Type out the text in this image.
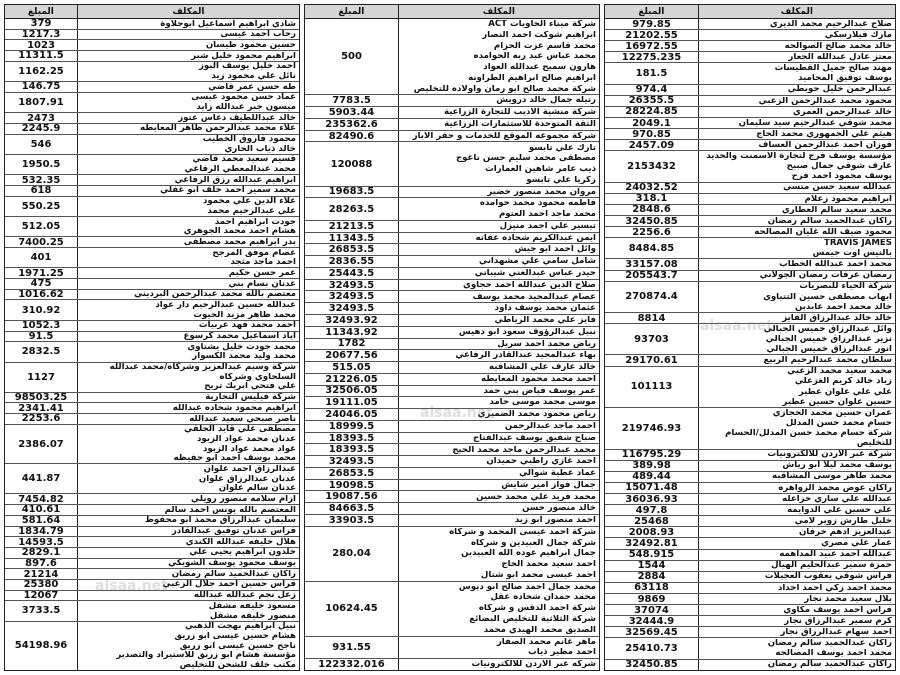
المكلف
المبلغ
صلاح عبدالرحيم محمد الديري
979.85
مارك فيلارسكي
21202.55
خالد محمد صالح الصوالحه
16972.55
معتز عادل عبدالله الجعار
12275.235
مهند صالح جميل القطيسات
يوسف توفيق المحاميد
181.5
عبدالرحمن خليل حويطي
974.4
محمود محمد عبدالرحمن الزعبي
26355.5
خالد عبدالرحمن العمري
28224.85
محمد شوقي عبدالرحيم سيد سليمان
2049.1
هيثم علي الجمهوري محمد الحاج
970.85
فوزان احمد عبدالرحمن العساف
2457.09
مؤسسة يوسف فرج لتجارة الاسمنت والحديد
عارف شوقي جمال صبيح
يوسف محمود احمد فرح
2153432
عبدالله سعيد حسن متسي
24032.52
ابراهيم محمود زعلام
318.1
محمد سعيد سالم العطاري
2848.6
راكان عبدالحميد سالم رمضان
32450.85
محمود ضيف الله غليان المصالحه
2256.6
TRAVIS JAMES
بالنيس اوت جيمس
8484.85
محمد احمد عبدالله الخطاب
33157.08
رمضان عرفات رمضان الجولاني
205543.7
شركة الحياء للبصريات
ايهاب مصطفى حسين التتباوي
خالد محمد احمد عابدين
270874.4
خالد خالد عبدالرزاق الفايز
8814
وائل عبدالرزاق خميس الجبالي
نزير عبدالرزاق خميس الجبالي
انور عبدالرزاق خميس الجبالي
93703
سلطان محمد عبدالرحيم الربيع
29170.61
محمد سعيد محمد الزعبي
زياد خالد كريم الغزعلي
علي علي علوان عطير
حسين علوان حسين عطير
101113
عمران حسين محمد الحجازي
حسام محمد حسن المدلل
شركة حسام محمد حسن المدلل/الحسام
للتخليص
219746.93
شركة عبر الاردن للالكترونيات
116795.29
يوسف محمد ليلا ابو رياش
389.98
محمد طاهر موسى المشاقبه
489.44
راكان عوض محمد الزواهره
15071.48
عبدالله علي ساري خزاعله
36036.93
علي حسين علي الدوايمه
497.8
خليل طارش زوير لامي
25468
عبدالعزيز ادهم خرفان
2008.93
عمار علي مصري
32492.81
عبدالله احمد عبيد المداهمه
548.915
حمزة سمير عبدالحليم الهيال
1544
فراس شوقي يعقوب العجيلات
2884
محمد احمد زكي احمد اخداد
63118
بلال سعيد محمد نجار
9869
فراس احمد يوسف مكاوي
37074
كرم سمير عبدالرزاق نجار
32444.9
احمد سهام عبدالرزاق نجار
32569.45
راكان عبدالحميد سالم رمضان
محمد احمد يوسف المصالحه
25410.73
راكان عبدالحميد سالم رمضان
32450.85
المكلف
المبلغ
شركة ميناء الحاويات ACT
ابراهيم شوكت احمد النصار
محمد قاسم عزت الحزام
محمد عباس عبد ربه الحوامده
هارون سميح عبدالله العواد
ابراهيم صالح ابراهيم الطراونه
شركة محمد صالح ابو رمان واولاده للتخليص
500
رتيله جمال خالد درويش
7783.5
شركة منشية الاديب للتجارة الزراعية
5903.44
الثقة المتوحدة للاستثمارات الزراعية
235362.6
شركة مجموعه الموقع للخدمات و حفر الابار
82490.6
تارك علي تابسو
مصطفى محمد سليم حسن ناغوج
ذيب عامر شاهين العمارات
زكريا علي تابسو
120088
مروان محمد منصور خضير
19683.5
فاطمه محمود محمد حوامده
محمد ماجد احمد العتوم
28263.5
تيسير علي احمد منيزل
21213.5
ايمن عبدالكريم شحاده عفانه
11343.5
وائل احمد ابو جيش
26853.5
شامل سامي علي مشهداني
2836.55
حيدر عباس عبدالغني شيباني
25443.5
صلاح الدين عبدالله احمد حجاوي
32493.5
عصام عبدالمجيد محمد يوسف
32493.5
عثمان محمد يوسف داود
32493.5
فايز علي محمد الرياطي
32493.92
نبيل عبدالرؤوف سعود ابو دهيس
11343.92
رياض محمد احمد سربل
1782
بهاء عبدالمجيد عبدالقادر الرفاعي
20677.56
خالد عارف علي المشاقبه
515.05
احمد محمد محمود المعايطه
21226.05
عمر يوسف فياض بني حمد
32506.05
موسى محمد موسى حامد
19111.05
رياض محمود محمد الضميري
24046.05
احمد ماجد عبدالرحمن
18999.5
صباح شفيق يوسف عبدالفتاح
18393.5
محمد عبدالرحمن ماجد محمد الحيج
18393.5
احمد غازي راطبي حميدان
32493.5
عماد عطية شوالي
26853.5
جمال فواز امير شايش
19098.5
محمد فريد علي محمد حسين
19087.56
خالد منصور حسن
84663.5
احمد منصور ابو زيد
33903.5
شركة احمد عيسى المحمد و شركاه
شركة جمال العبيدين و شركاه
جمال ابراهيم عوده الله العبيدين
احمد سعيد محمد الحاج
احمد عيسى محمد ابو شتال
280.04
محمد جمال احمد صالح ابو ديوس
محمد حمدان شحاده عقل
شركة احمد الدقس و شركاه
شركة الثلاثية للتخليص البضائع
الصديق محمد الهيدي محمد
10624.45
ماهر غانم محمد الصفار
احمد مطير ذياب
931.55
شركه عبر الاردن للالكترونيات
122332.016
المكلف
المبلغ
شادي ابراهيم اسماعيل ابوحلاوة
379
رحاب احمد عيسى
1217.3
حسين محمود طيسان
1023
ابراهيم محمود خليل شبر
11311.5
احمد خليل يوسف البوز
نائل علي محمود زيد
1162.25
طه حسن عمر قاضي
146.75
عماد حسن محمود عيسى
ميسون جبر عبدالله زايد
1807.91
خالد عبداللطيف دعاس عتوز
2473
علاء محمد عبدالرحمن ظاهر المعايطه
2245.9
محمود فاروق الخطيب
خالد ذياب الحاري
546
قسيم سعيد محمد قاضي
محمد عبدالمعطي الرفاعي
1950.5
ابراهيم عبدالله رزق الرفاعي
532.35
محمد سمير احمد خلف ابو غفلي
618
علاء الدين علي محمود
علي عبدالرحيم محمد
550.25
جودت ابراهيم احمد
هشام احمد محمد الجوهري
512.05
بدر ابراهيم محمد مصطفى
7400.25
عصام موفق المرجح
احمد ماجد مثجد
401
عمر حسن حكيم
1971.25
عدنان بسام بني
475
معتصم بالله محمد عبدالرحمن البرديني
1016.62
عبدالله حسين عبدالرحيم دار عواد
محمد ظاهر مزيد الحيوت
310.92
احمد محمد فهد عربيات
1052.3
اياد اسماعيل محمد كرسوع
91.5
محمد جودت خليل يشتاوي
محمد وليد محمد الكسوار
2832.5
شركة وسيم عبدالعزيز وشركاه/محمد عبدالله
السلحاوي وشركاه
علي فتحي ابريك تريح
1127
شركة فيليس التجارية
98503.25
ابراهيم محمود شحاده عبدالله
2341.41
ناصر صبحي سعيد عبدالله
2253.6
مصطفى علي قايد الحلقي
عدنان محمد عواد الزيود
عواد محمد عواد الزيود
محمد يوسف احمد ابو حفيظه
2386.07
عبدالرزاق احمد علوان
عدنان عبدالرزاق علوان
عدنان سالم علوان
441.87
ازام سلامه منصور رويلي
7454.82
المعتصم بالله يونس احمد سالم
410.61
سليمان عبدالرزاق محمد ابو محفوظ
581.64
فراس عدنان توفيق عبدالقادر
1834.79
هلال خليفه عبدالله الكندي
14593.5
خلدون ابراهيم يحيى علي
2829.1
يوسف محمود يوسف الشوبكي
897.6
راكان عبدالحميد سالم رمضان
21214
فراس حسين احمد جلال الزعبي
25380
زعل نجم عبدالله عبدالله
12067
مسعود خليفه مشفل
منصور خليفه مشفل
3733.5
نبيل ابراهيم بهجت الذهبي
هشام حسين عيسى ابو زريق
ناجح حسين عيسى ابو زريق
مؤسسة هشام ابو زريق للاستيراد والتصدير
مكتب خلف للشحن للتخليص
54198.96
alsaa.net
alsaa.net
alsaa.net
